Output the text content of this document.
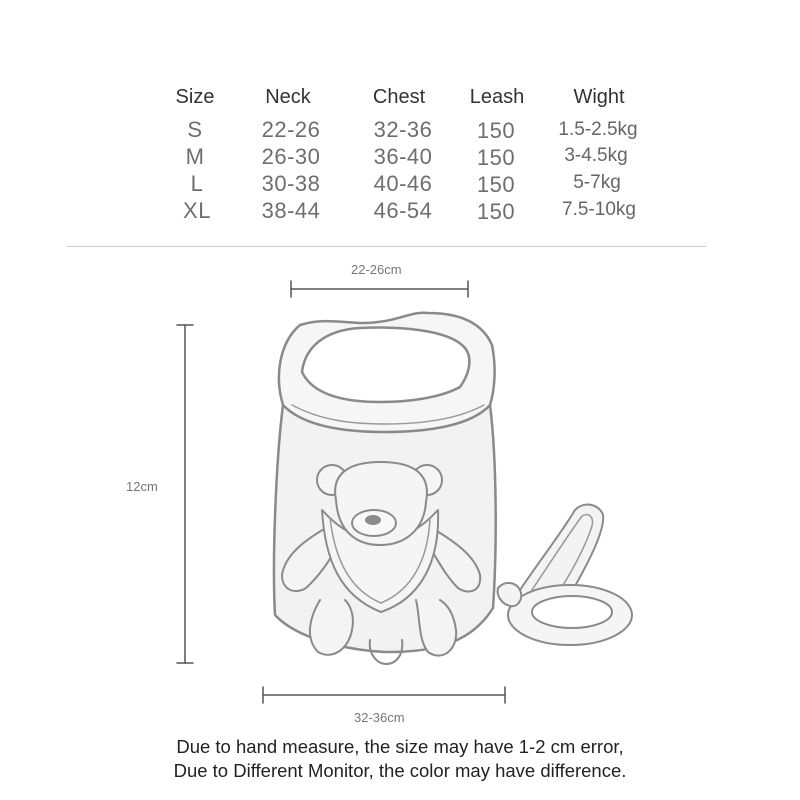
Size	Neck	Chest Leash Wight
S	22-26 32-36 150 1.5-2.5kg
M	26-30 36-40 150	3-4.5kg
L	30-38 40-46 150	5-7kg
XL 38-44 46-54 150 7.5-10kg
22-26cm
12cm
32-36cm
Due to hand measure, the size may have 1-2 cm error,
Due to Different Monitor, the color may have difference.
